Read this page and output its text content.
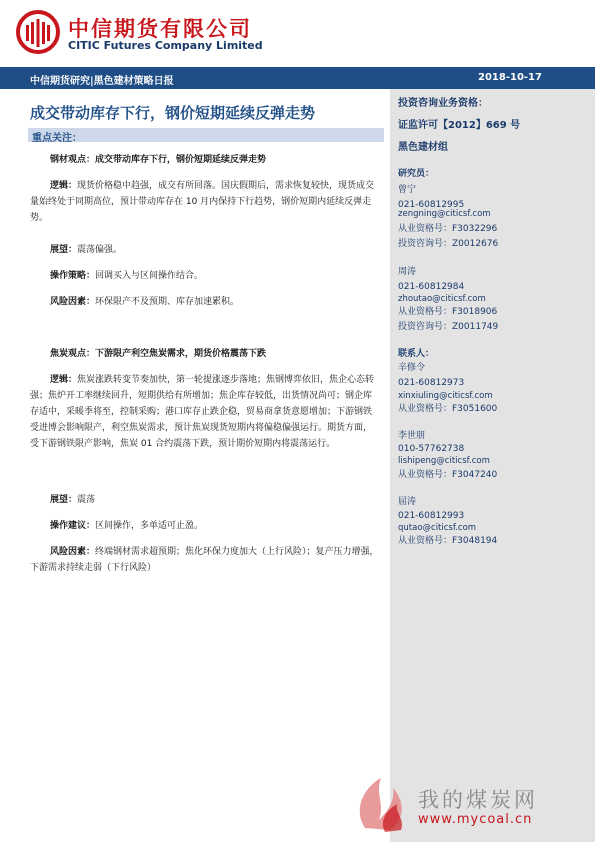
中信期货有限公司
CITIC Futures Company Limited
中信期货研究|黑色建材策略日报	2018-10-17
成交带动库存下行，钢价短期延续反弹走势
重点关注：
钢材观点：成交带动库存下行，钢价短期延续反弹走势
逻辑：现货价格稳中趋强，成交有所回落。国庆假期后，需求恢复较快，现货成交量始终处于同期高位，预计带动库存在 10 月内保持下行趋势，钢价短期内延续反弹走势。
展望：震荡偏强。
操作策略：回调买入与区间操作结合。
风险因素：环保限产不及预期、库存加速累积。
焦炭观点：下游限产利空焦炭需求，期货价格震荡下跌
逻辑：焦炭涨跌转变节奏加快，第一轮提涨逐步落地；焦钢博弈依旧，焦企心态转强；焦炉开工率继续回升，短期供给有所增加；焦企库存较低，出货情况尚可；钢企库存适中，采暖季将至，控制采购；港口库存止跌企稳，贸易商拿货意愿增加；下游钢铁受进博会影响限产，利空焦炭需求，预计焦炭现货短期内将偏稳偏强运行。期货方面，受下游钢铁限产影响，焦炭 01 合约震荡下跌，预计期价短期内将震荡运行。
展望：震荡
操作建议：区间操作，多单适可止盈。
风险因素：终端钢材需求超预期；焦化环保力度加大（上行风险）；复产压力增强，下游需求持续走弱（下行风险）
投资咨询业务资格：
证监许可【2012】669 号
黑色建材组
研究员：
曾宁
021-60812995
zengning@citicsf.com
从业资格号：F3032296
投资咨询号：Z0012676
周涛
021-60812984
zhoutao@citicsf.com
从业资格号：F3018906
投资咨询号：Z0011749
联系人：
辛修令
021-60812973
xinxiuling@citicsf.com
从业资格号：F3051600
李世朋
010-57762738
lishipeng@citicsf.com
从业资格号：F3047240
屈涛
021-60812993
qutao@citicsf.com
从业资格号：F3048194
我的煤炭网
www.mycoal.cn
